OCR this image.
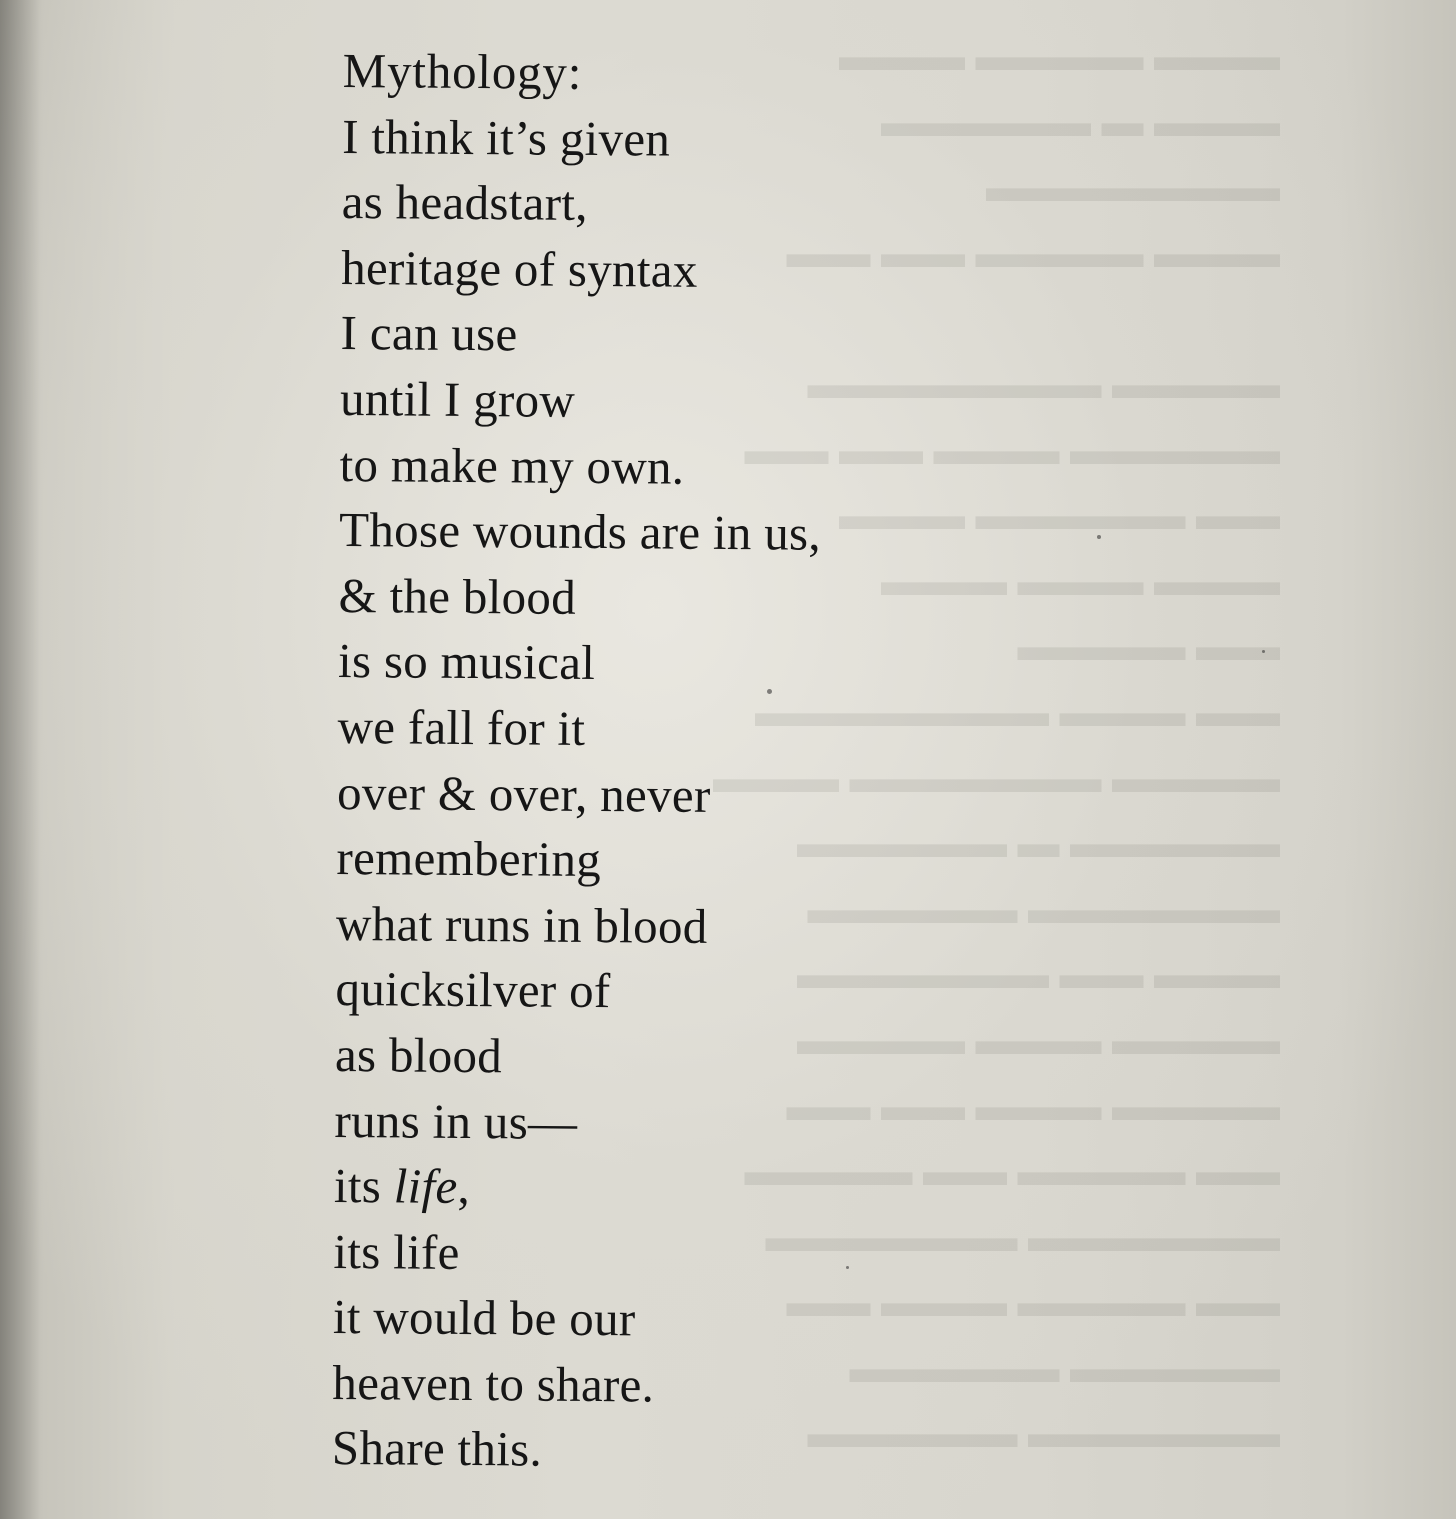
▬▬▬ ▬▬▬▬ ▬▬▬
▬▬▬ ▬ ▬▬▬▬▬
▬▬▬▬▬▬▬
▬▬▬ ▬▬▬▬ ▬▬ ▬▬

▬▬▬▬ ▬▬▬▬▬▬▬
▬▬▬▬▬ ▬▬▬ ▬▬ ▬▬
▬▬ ▬▬▬▬▬ ▬▬▬
▬▬▬ ▬▬▬ ▬▬▬
▬▬ ▬▬▬▬
▬▬ ▬▬▬ ▬▬▬▬▬▬▬
▬▬▬▬ ▬▬▬▬▬▬ ▬▬▬
▬▬▬▬▬ ▬ ▬▬▬▬▬
▬▬▬▬▬▬ ▬▬▬▬▬
▬▬▬ ▬▬ ▬▬▬▬▬▬
▬▬▬▬ ▬▬▬ ▬▬▬▬
▬▬▬▬ ▬▬▬ ▬▬ ▬▬
▬▬ ▬▬▬▬ ▬▬ ▬▬▬▬
▬▬▬▬▬▬ ▬▬▬▬▬▬
▬▬ ▬▬▬▬ ▬▬▬ ▬▬
▬▬▬▬▬ ▬▬▬▬▬
▬▬▬▬▬▬ ▬▬▬▬▬
Mythology:
I think it’s given
as headstart,
heritage of syntax
I can use
until I grow
to make my own.
Those wounds are in us,
& the blood
is so musical
we fall for it
over & over, never
remembering
what runs in blood
quicksilver of
as blood
runs in us—
its life,
its life
it would be our
heaven to share.
Share this.
